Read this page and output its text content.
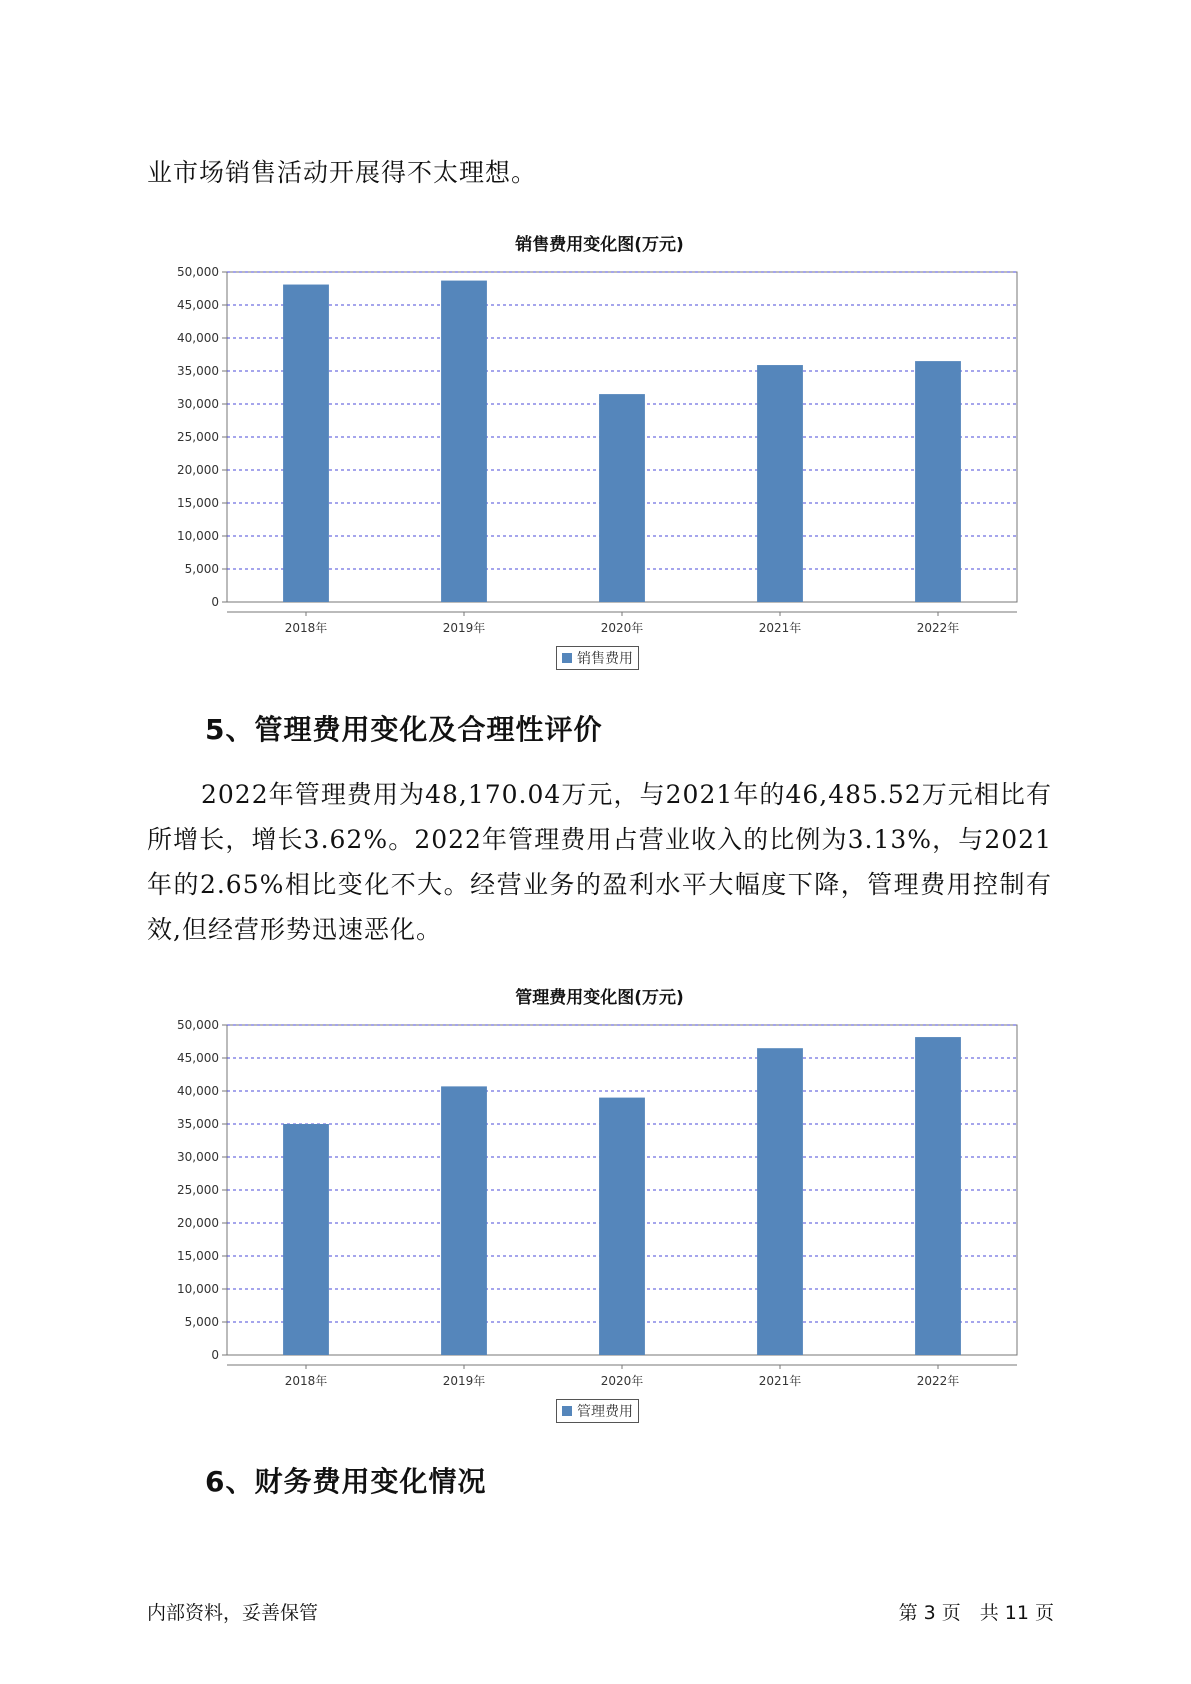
业市场销售活动开展得不太理想。

销售费用变化图(万元)
0
5,000
10,000
15,000
20,000
25,000
30,000
35,000
40,000
45,000
50,000
2018年	2019年	2020年	2021年	2022年
销售费用
5、管理费用变化及合理性评价

2022年管理费用为48,170.04万元，与2021年的46,485.52万元相比有所增长，增长3.62%。2022年管理费用占营业收入的比例为3.13%，与2021年的2.65%相比变化不大。经营业务的盈利水平大幅度下降，管理费用控制有效,但经营形势迅速恶化。

管理费用变化图(万元)
0
5,000
10,000
15,000
20,000
25,000
30,000
35,000
40,000
45,000
50,000
2018年	2019年	2020年	2021年	2022年
管理费用
6、财务费用变化情况
内部资料，妥善保管	第 3 页　共 11 页
